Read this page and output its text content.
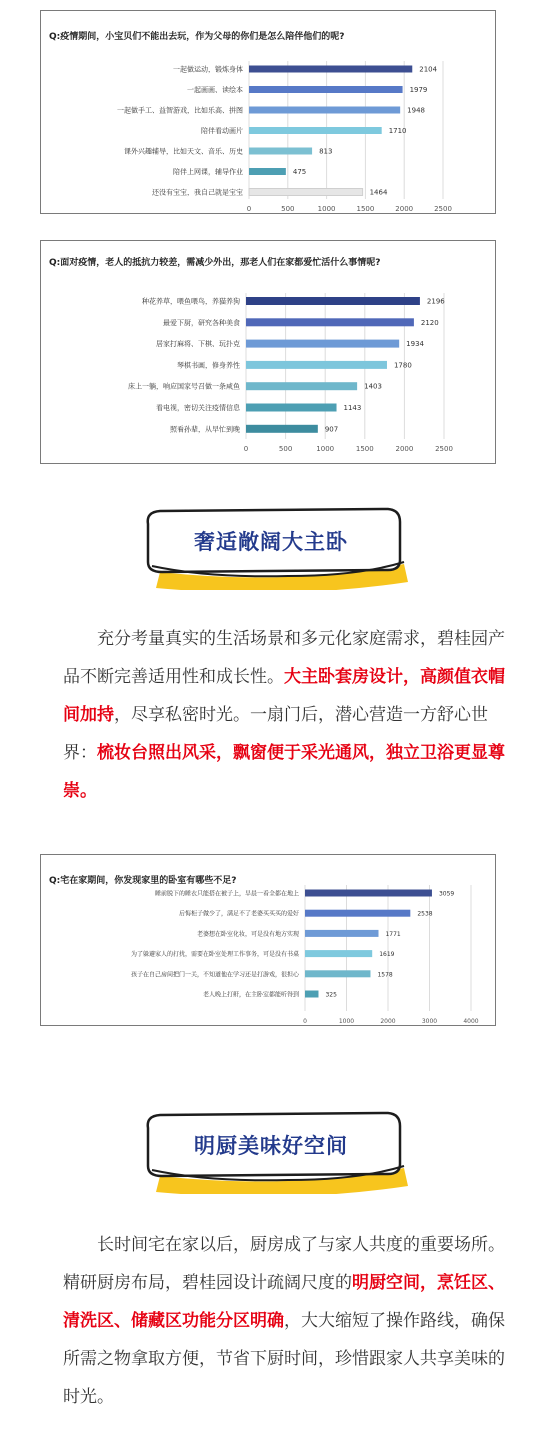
Q:疫情期间，小宝贝们不能出去玩，作为父母的你们是怎么陪伴他们的呢?
0	500	1000	1500	2000	2500
一起做运动，锻炼身体	2104
一起画画、读绘本	1979
一起做手工、益智游戏，比如乐高、拼图	1948
陪伴看动画片	1710
课外兴趣辅导，比如天文、音乐、历史	813
陪伴上网课，辅导作业	475
还没有宝宝，我自己就是宝宝	1464
Q:面对疫情，老人的抵抗力较差，需减少外出，那老人们在家都爱忙活什么事情呢?
0	500	1000	1500	2000	2500
种花养草，喂鱼喂鸟，养猫养狗	2196
最爱下厨，研究各种美食	2120
居家打麻将、下棋、玩扑克	1934
琴棋书画，修身养性	1780
床上一躺，响应国家号召做一条咸鱼	1403
看电视，密切关注疫情信息	1143
照看孙辈，从早忙到晚	907
奢适敞阔大主卧
充分考量真实的生活场景和多元化家庭需求，碧桂园产品不断完善适用性和成长性。大主卧套房设计，高颜值衣帽间加持，尽享私密时光。一扇门后，潜心营造一方舒心世界：梳妆台照出风采，飘窗便于采光通风，独立卫浴更显尊崇。
Q:宅在家期间，你发现家里的卧室有哪些不足?
0	1000	2000	3000	4000
睡前脱下的睡衣只能搭在被子上，早晨一看全都在地上	3059
后悔柜子做少了，满足不了老婆买买买的爱好	2538
老婆想在卧室化妆，可是没有地方实现	1771
为了躲避家人的打扰，需要在卧室处理工作事务，可是没有书桌	1619
孩子在自己房间把门一关，不知道他在学习还是打游戏，很担心	1578
老人晚上打鼾，在主卧室都能听得到	325
明厨美味好空间
长时间宅在家以后，厨房成了与家人共度的重要场所。精研厨房布局，碧桂园设计疏阔尺度的明厨空间，烹饪区、清洗区、储藏区功能分区明确，大大缩短了操作路线，确保所需之物拿取方便，节省下厨时间，珍惜跟家人共享美味的时光。
